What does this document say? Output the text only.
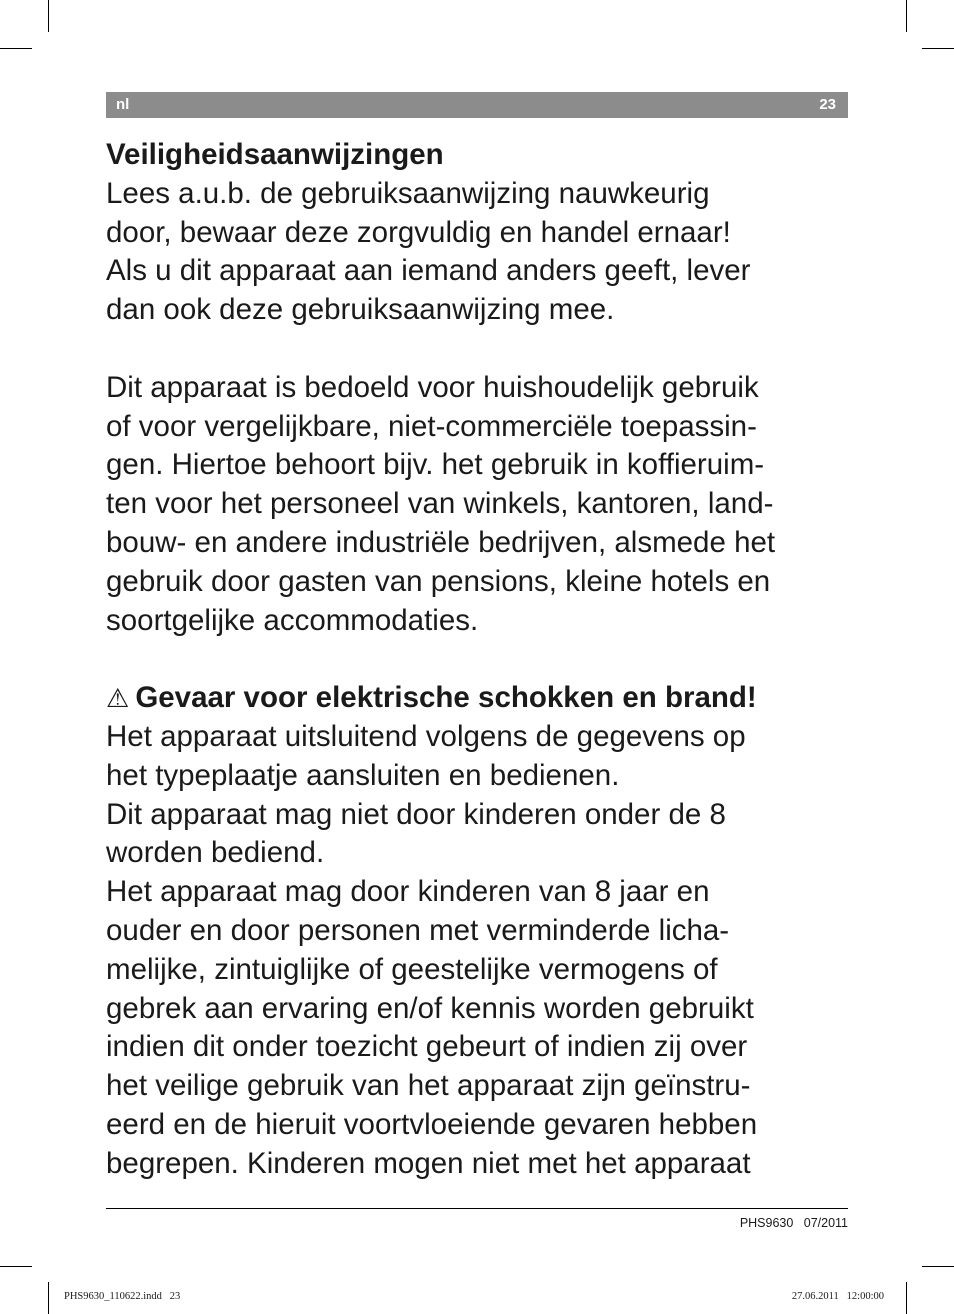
nl	23

Veiligheidsaanwijzingen

Lees a.u.b. de gebruiksaanwijzing nauwkeurig

door, bewaar deze zorgvuldig en handel ernaar!

Als u dit apparaat aan iemand anders geeft, lever

dan ook deze gebruiksaanwijzing mee.

Dit apparaat is bedoeld voor huishoudelijk gebruik

of voor vergelijkbare, niet-commerciële toepassin-

gen. Hiertoe behoort bijv. het gebruik in koffieruim-

ten voor het personeel van winkels, kantoren, land-

bouw- en andere industriële bedrijven, alsmede het

gebruik door gasten van pensions, kleine hotels en

soortgelijke accommodaties.

⚠ Gevaar voor elektrische schokken en brand!

Het apparaat uitsluitend volgens de gegevens op

het typeplaatje aansluiten en bedienen.

Dit apparaat mag niet door kinderen onder de 8

worden bediend.

Het apparaat mag door kinderen van 8 jaar en

ouder en door personen met verminderde licha-

melijke, zintuiglijke of geestelijke vermogens of

gebrek aan ervaring en/of kennis worden gebruikt

indien dit onder toezicht gebeurt of indien zij over

het veilige gebruik van het apparaat zijn geïnstru-

eerd en de hieruit voortvloeiende gevaren hebben

begrepen. Kinderen mogen niet met het apparaat

PHS9630   07/2011
PHS9630_110622.indd   23	27.06.2011   12:00:00
